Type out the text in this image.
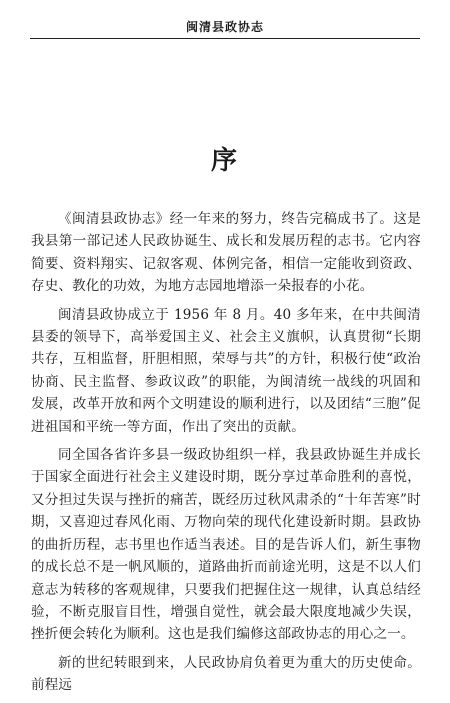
闽清县政协志
序

《闽清县政协志》经一年来的努力，终告完稿成书了。这是我县第一部记述人民政协诞生、成长和发展历程的志书。它内容简要、资料翔实、记叙客观、体例完备，相信一定能收到资政、存史、教化的功效，为地方志园地增添一朵报春的小花。

闽清县政协成立于 1956 年 8 月。40 多年来，在中共闽清县委的领导下，高举爱国主义、社会主义旗帜，认真贯彻“长期共存，互相监督，肝胆相照，荣辱与共”的方针，积极行使“政治协商、民主监督、参政议政”的职能，为闽清统一战线的巩固和发展，改革开放和两个文明建设的顺利进行，以及团结“三胞”促进祖国和平统一等方面，作出了突出的贡献。

同全国各省许多县一级政协组织一样，我县政协诞生并成长于国家全面进行社会主义建设时期，既分享过革命胜利的喜悦，又分担过失误与挫折的痛苦，既经历过秋风肃杀的“十年苦寒”时期，又喜迎过春风化雨、万物向荣的现代化建设新时期。县政协的曲折历程，志书里也作适当表述。目的是告诉人们，新生事物的成长总不是一帆风顺的，道路曲折而前途光明，这是不以人们意志为转移的客观规律，只要我们把握住这一规律，认真总结经验，不断克服盲目性，增强自觉性，就会最大限度地减少失误，挫折便会转化为顺利。这也是我们编修这部政协志的用心之一。

新的世纪转眼到来，人民政协肩负着更为重大的历史使命。前程远
